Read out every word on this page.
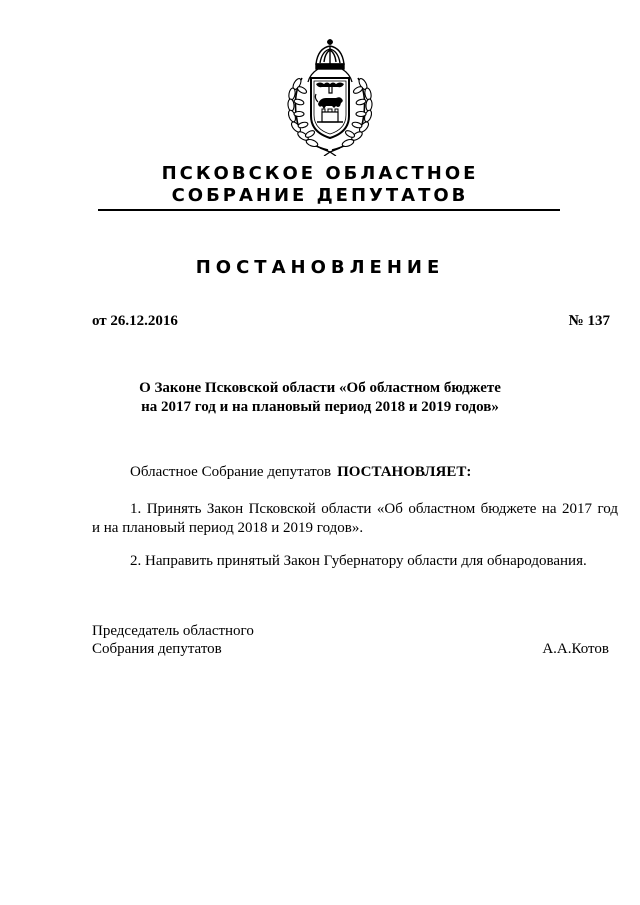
ПСКОВСКОЕ ОБЛАСТНОЕ
СОБРАНИЕ ДЕПУТАТОВ
ПОСТАНОВЛЕНИЕ
от 26.12.2016	№ 137
О Законе Псковской области «Об областном бюджете
на 2017 год и на плановый период 2018 и 2019 годов»
Областное Собрание депутатов ПОСТАНОВЛЯЕТ:
1. Принять Закон Псковской области «Об областном бюджете на 2017 год
и на плановый период 2018 и 2019 годов».
2. Направить принятый Закон Губернатору области для обнародования.
Председатель областного
Собрания депутатов	А.А.Котов
